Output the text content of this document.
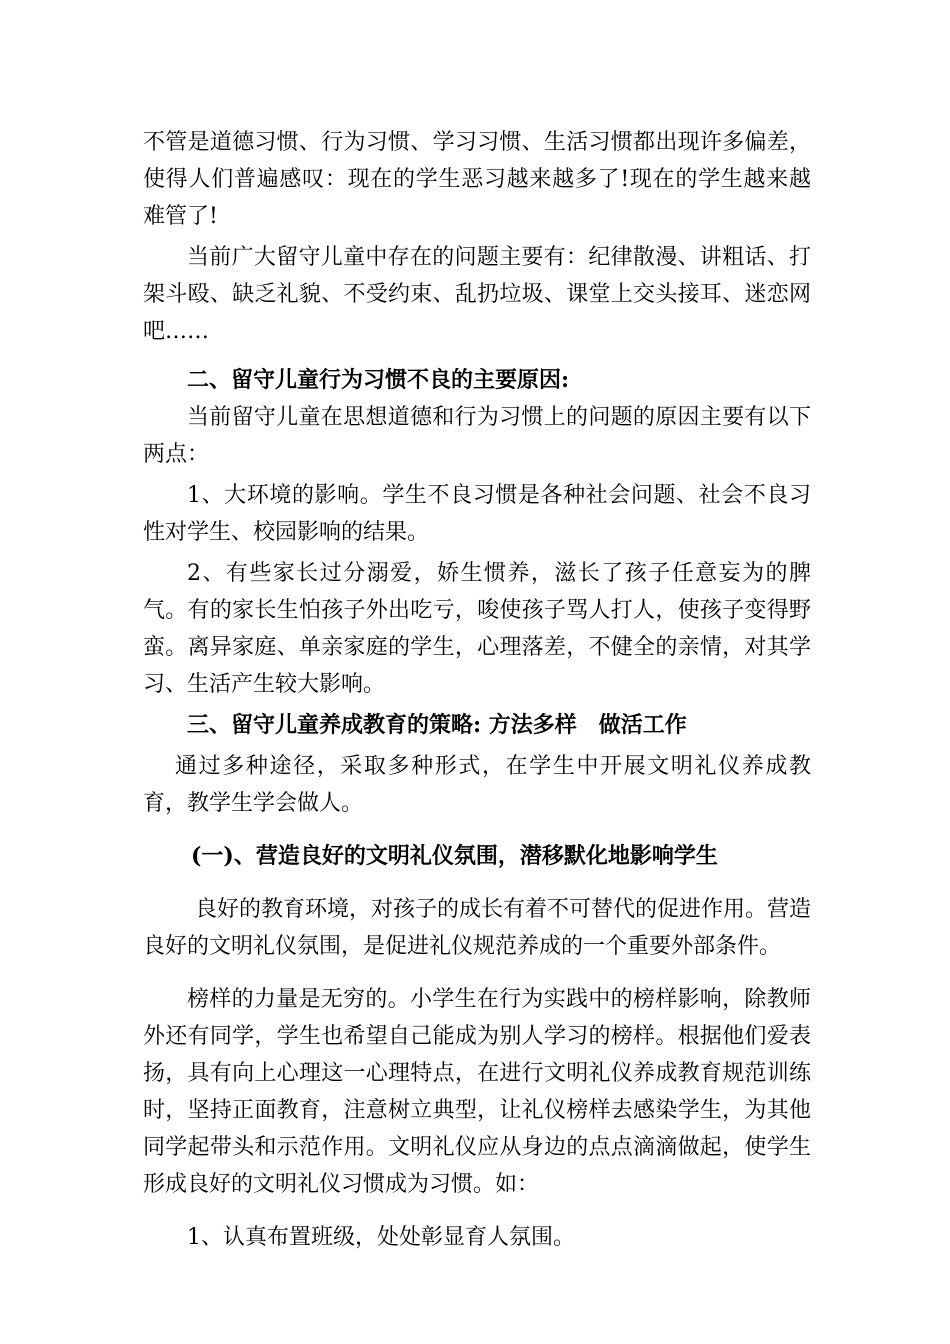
不管是道德习惯、行为习惯、学习习惯、生活习惯都出现许多偏差，使得人们普遍感叹：现在的学生恶习越来越多了!现在的学生越来越难管了!

当前广大留守儿童中存在的问题主要有：纪律散漫、讲粗话、打架斗殴、缺乏礼貌、不受约束、乱扔垃圾、课堂上交头接耳、迷恋网吧……

二、留守儿童行为习惯不良的主要原因:

当前留守儿童在思想道德和行为习惯上的问题的原因主要有以下两点：

1、大环境的影响。学生不良习惯是各种社会问题、社会不良习性对学生、校园影响的结果。

2、有些家长过分溺爱，娇生惯养，滋长了孩子任意妄为的脾气。有的家长生怕孩子外出吃亏，唆使孩子骂人打人，使孩子变得野蛮。离异家庭、单亲家庭的学生，心理落差，不健全的亲情，对其学习、生活产生较大影响。

三、留守儿童养成教育的策略: 方法多样　做活工作

通过多种途径，采取多种形式，在学生中开展文明礼仪养成教育，教学生学会做人。

(一)、营造良好的文明礼仪氛围，潜移默化地影响学生

良好的教育环境，对孩子的成长有着不可替代的促进作用。营造良好的文明礼仪氛围，是促进礼仪规范养成的一个重要外部条件。

榜样的力量是无穷的。小学生在行为实践中的榜样影响，除教师外还有同学，学生也希望自己能成为别人学习的榜样。根据他们爱表扬，具有向上心理这一心理特点，在进行文明礼仪养成教育规范训练时，坚持正面教育，注意树立典型，让礼仪榜样去感染学生，为其他同学起带头和示范作用。文明礼仪应从身边的点点滴滴做起，使学生形成良好的文明礼仪习惯成为习惯。如：

1、认真布置班级，处处彰显育人氛围。
